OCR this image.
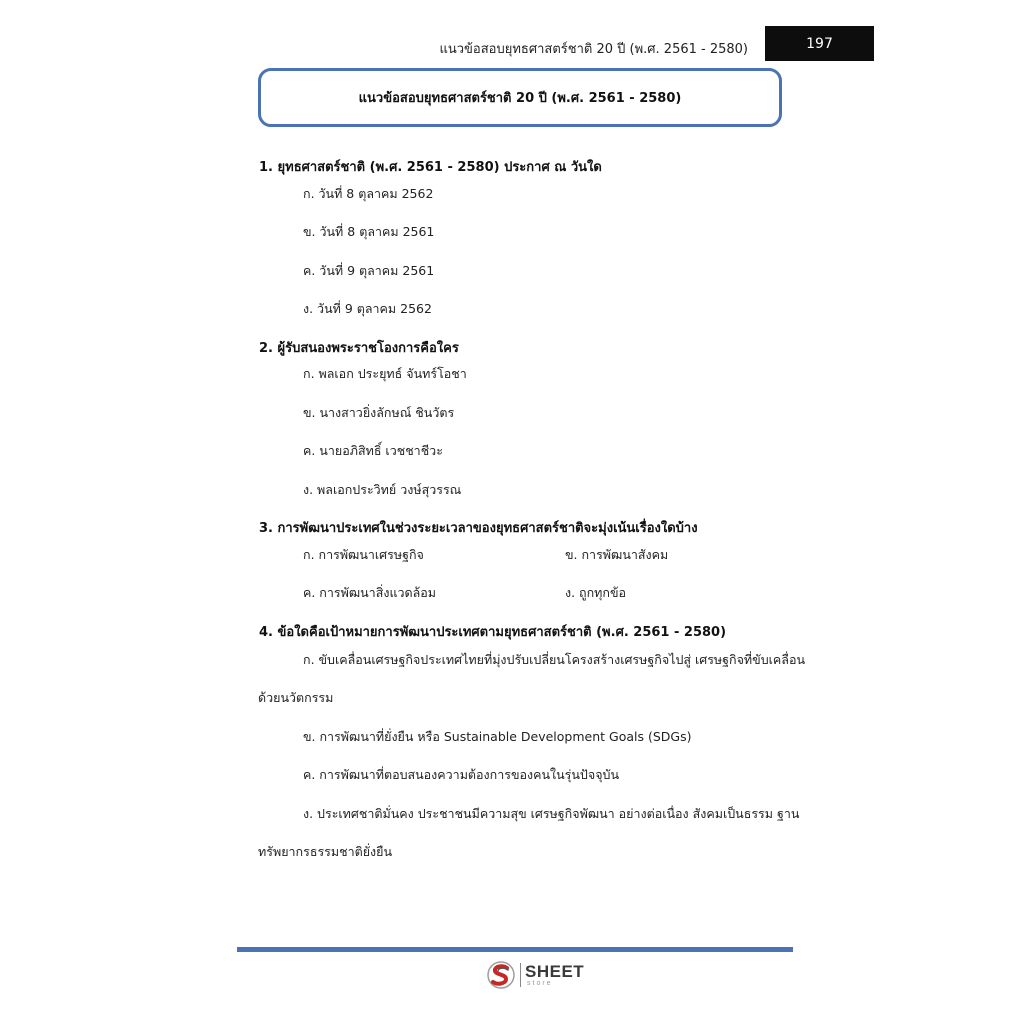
แนวข้อสอบยุทธศาสตร์ชาติ 20 ปี (พ.ศ. 2561 - 2580)	197
แนวข้อสอบยุทธศาสตร์ชาติ 20 ปี (พ.ศ. 2561 - 2580)
1. ยุทธศาสตร์ชาติ (พ.ศ. 2561 - 2580) ประกาศ ณ วันใด
ก. วันที่ 8 ตุลาคม 2562
ข. วันที่ 8 ตุลาคม 2561
ค. วันที่ 9 ตุลาคม 2561
ง. วันที่ 9 ตุลาคม 2562
2. ผู้รับสนองพระราชโองการคือใคร
ก. พลเอก ประยุทธ์ จันทร์โอชา
ข. นางสาวยิ่งลักษณ์ ชินวัตร
ค. นายอภิสิทธิ์ เวชชาชีวะ
ง. พลเอกประวิทย์ วงษ์สุวรรณ
3. การพัฒนาประเทศในช่วงระยะเวลาของยุทธศาสตร์ชาติจะมุ่งเน้นเรื่องใดบ้าง
ก. การพัฒนาเศรษฐกิจ	ข. การพัฒนาสังคม
ค. การพัฒนาสิ่งแวดล้อม	ง. ถูกทุกข้อ
4. ข้อใดคือเป้าหมายการพัฒนาประเทศตามยุทธศาสตร์ชาติ (พ.ศ. 2561 - 2580)
ก. ขับเคลื่อนเศรษฐกิจประเทศไทยที่มุ่งปรับเปลี่ยนโครงสร้างเศรษฐกิจไปสู่ เศรษฐกิจที่ขับเคลื่อน
ด้วยนวัตกรรม
ข. การพัฒนาที่ยั่งยืน หรือ Sustainable Development Goals (SDGs)
ค. การพัฒนาที่ตอบสนองความต้องการของคนในรุ่นปัจจุบัน
ง. ประเทศชาติมั่นคง ประชาชนมีความสุข เศรษฐกิจพัฒนา อย่างต่อเนื่อง สังคมเป็นธรรม ฐาน
ทรัพยากรธรรมชาติยั่งยืน
SHEET
store
